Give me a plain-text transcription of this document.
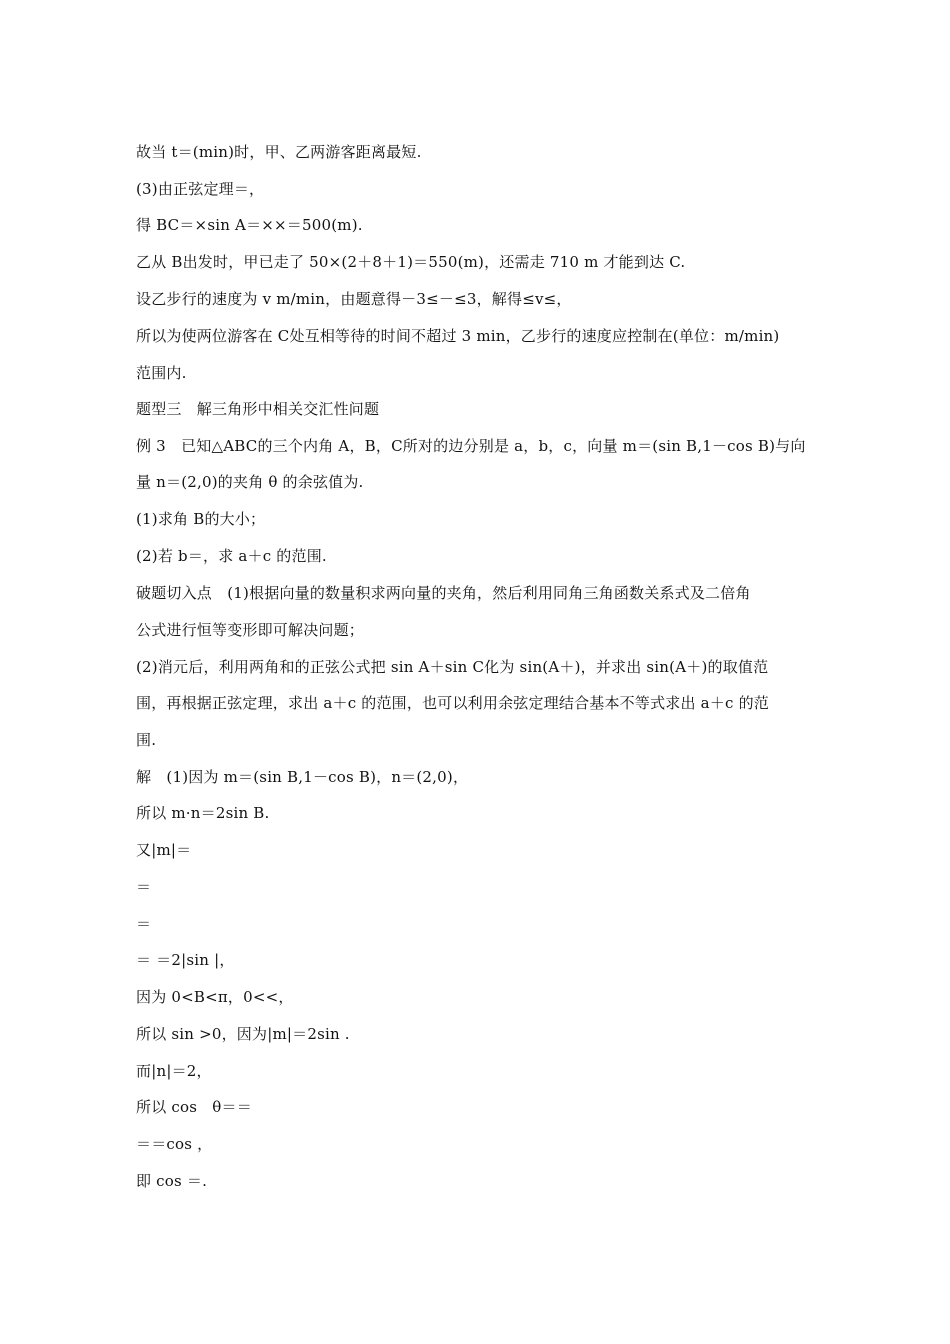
故当 t＝(min)时，甲、乙两游客距离最短.
(3)由正弦定理＝，
得 BC＝×sin A＝××＝500(m).
乙从 B出发时，甲已走了 50×(2＋8＋1)＝550(m)，还需走 710 m 才能到达 C.
设乙步行的速度为 v m/min，由题意得－3≤－≤3，解得≤v≤，
所以为使两位游客在 C处互相等待的时间不超过 3 min，乙步行的速度应控制在(单位：m/min)
范围内.
题型三　解三角形中相关交汇性问题
例 3　已知△ABC的三个内角 A，B，C所对的边分别是 a，b，c，向量 m＝(sin B,1－cos B)与向
量 n＝(2,0)的夹角 θ 的余弦值为.
(1)求角 B的大小；
(2)若 b＝，求 a＋c 的范围.
破题切入点　(1)根据向量的数量积求两向量的夹角，然后利用同角三角函数关系式及二倍角
公式进行恒等变形即可解决问题；
(2)消元后，利用两角和的正弦公式把 sin A＋sin C化为 sin(A＋)，并求出 sin(A＋)的取值范
围，再根据正弦定理，求出 a＋c 的范围，也可以利用余弦定理结合基本不等式求出 a＋c 的范
围.
解　(1)因为 m＝(sin B,1－cos B)，n＝(2,0)，
所以 m·n＝2sin B.
又|m|＝
＝
＝
＝ ＝2|sin |，
因为 0<B<π，0<<，
所以 sin >0，因为|m|＝2sin .
而|n|＝2，
所以 cos　θ＝＝
＝＝cos ，
即 cos ＝.
